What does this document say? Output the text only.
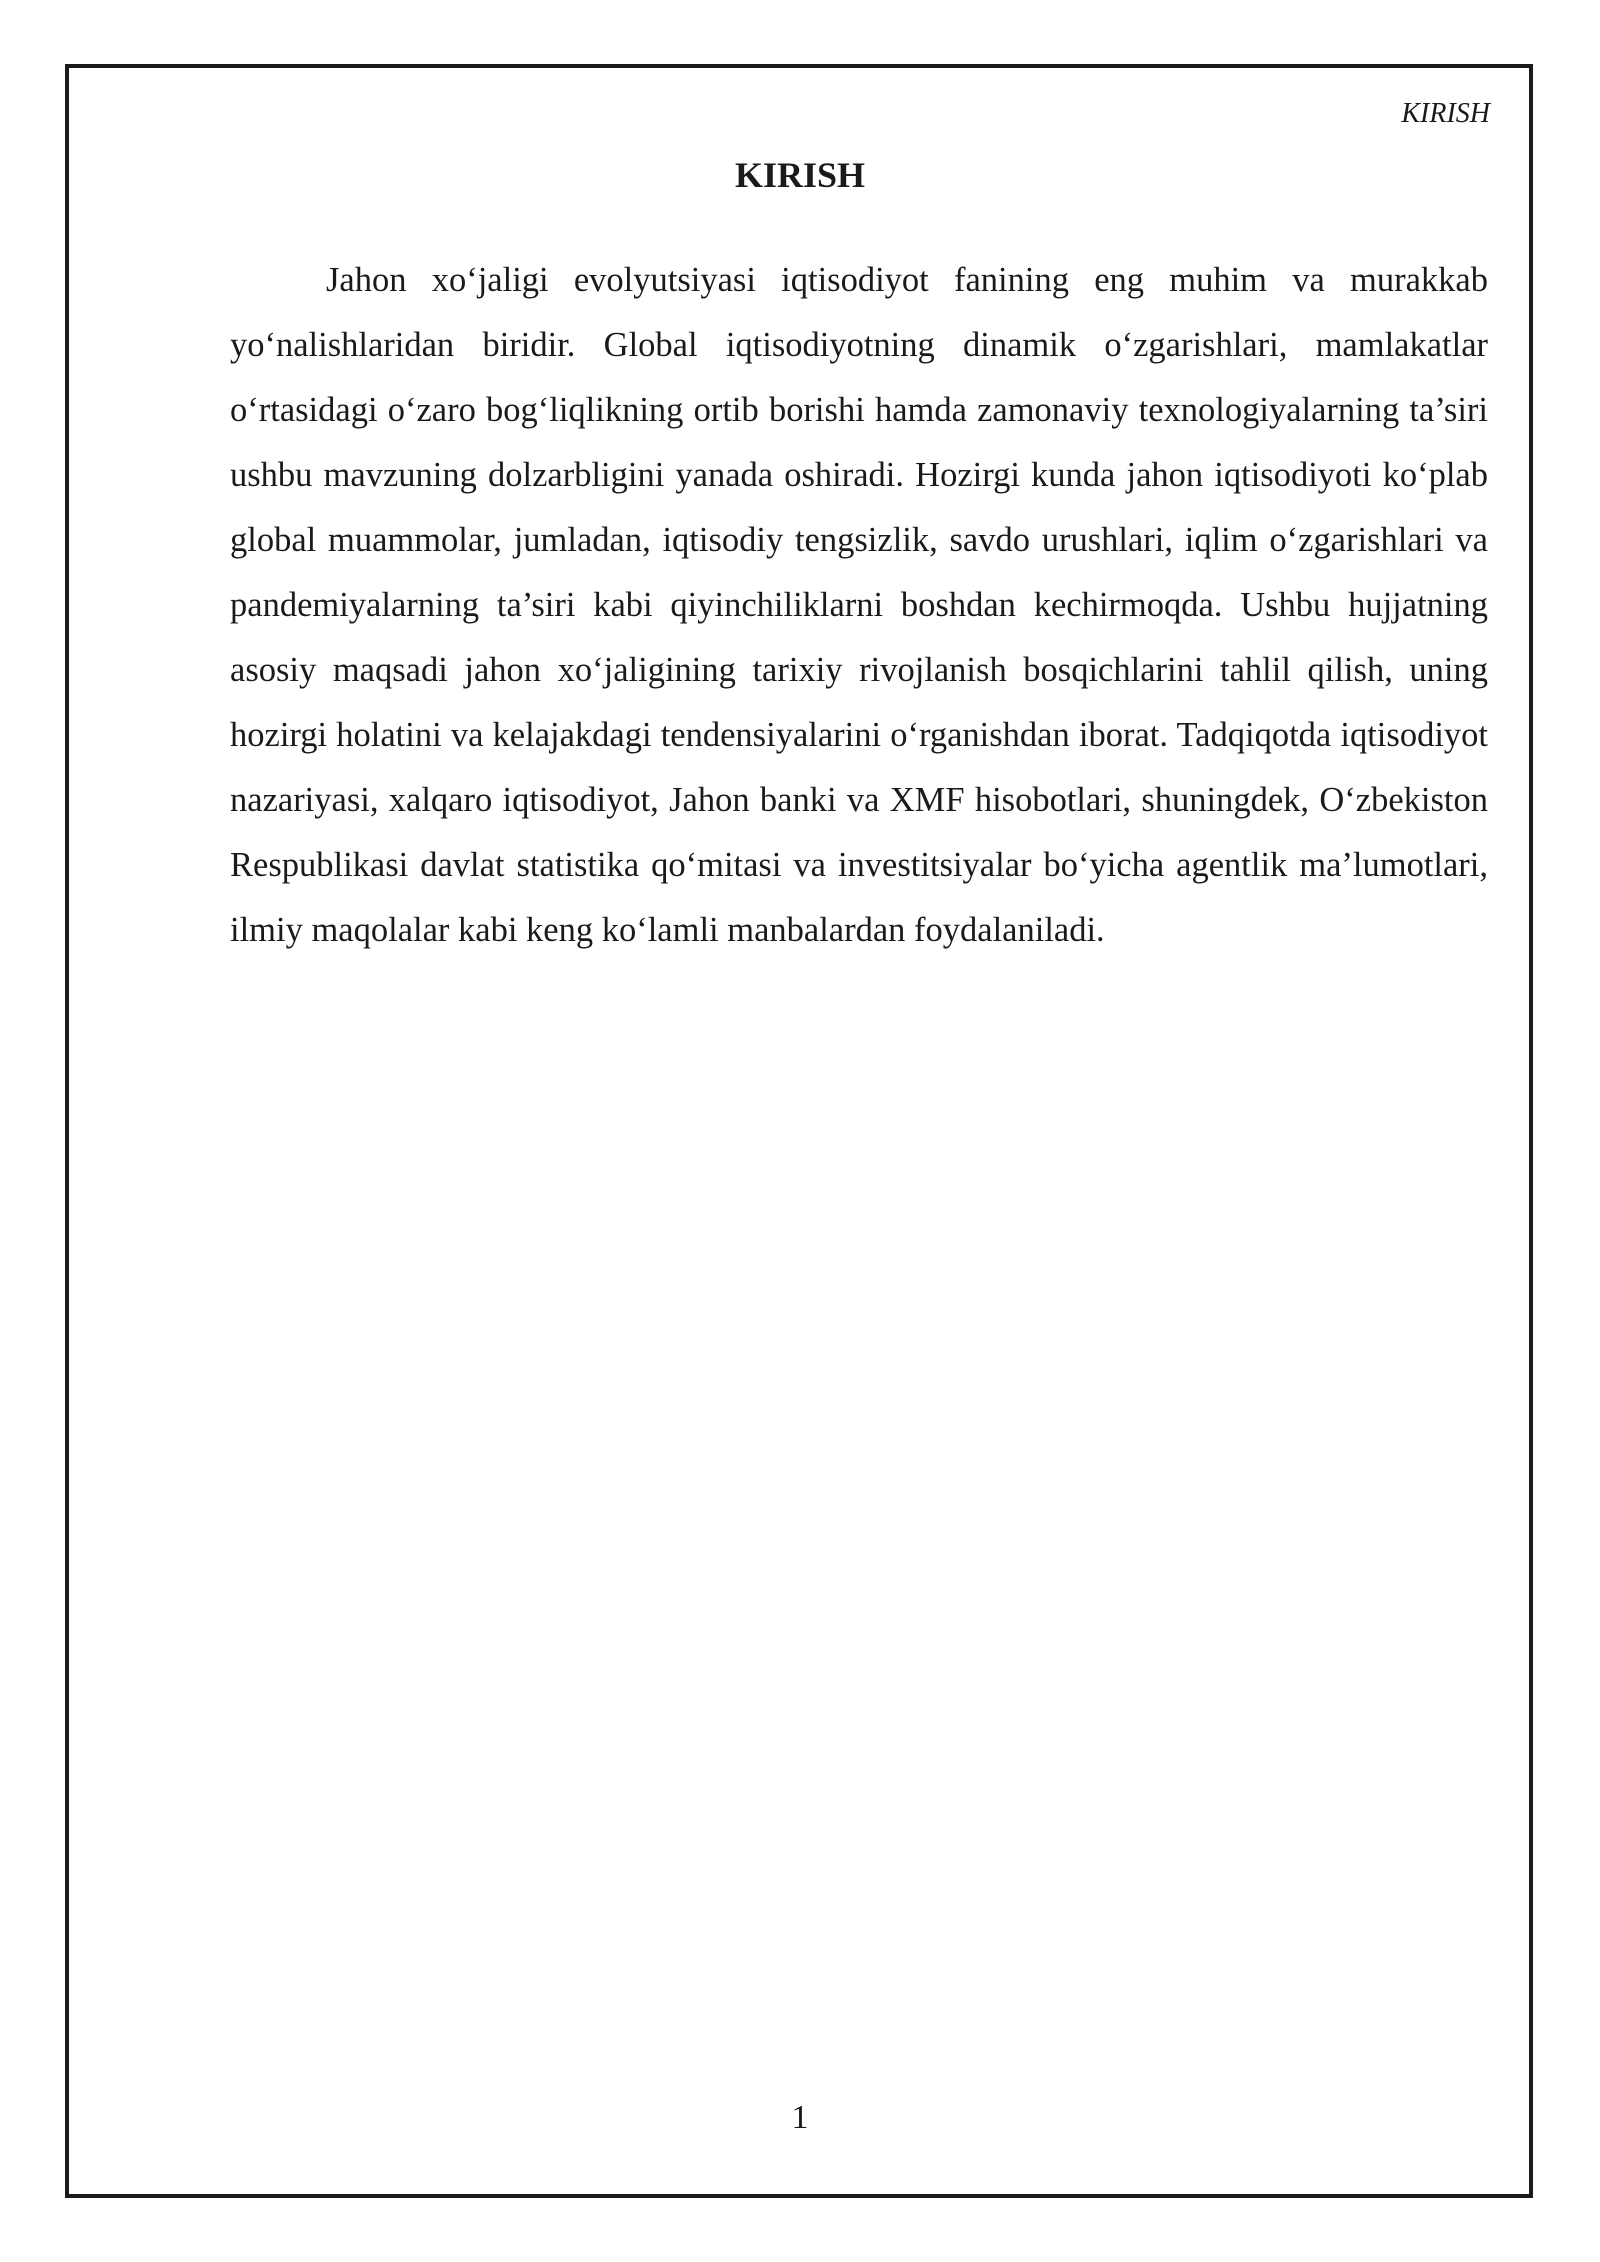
KIRISH
KIRISH

Jahon xo‘jaligi evolyutsiyasi iqtisodiyot fanining eng muhim va murakkab yo‘nalishlaridan biridir. Global iqtisodiyotning dinamik o‘zgarishlari, mamlakatlar o‘rtasidagi o‘zaro bog‘liqlikning ortib borishi hamda zamonaviy texnologiyalarning ta’siri ushbu mavzuning dolzarbligini yanada oshiradi. Hozirgi kunda jahon iqtisodiyoti ko‘plab global muammolar, jumladan, iqtisodiy tengsizlik, savdo urushlari, iqlim o‘zgarishlari va pandemiyalarning ta’siri kabi qiyinchiliklarni boshdan kechirmoqda. Ushbu hujjatning asosiy maqsadi jahon xo‘jaligining tarixiy rivojlanish bosqichlarini tahlil qilish, uning hozirgi holatini va kelajakdagi tendensiyalarini o‘rganishdan iborat. Tadqiqotda iqtisodiyot nazariyasi, xalqaro iqtisodiyot, Jahon banki va XMF hisobotlari, shuningdek, O‘zbekiston Respublikasi davlat statistika qo‘mitasi va investitsiyalar bo‘yicha agentlik ma’lumotlari, ilmiy maqolalar kabi keng ko‘lamli manbalardan foydalaniladi.

1
